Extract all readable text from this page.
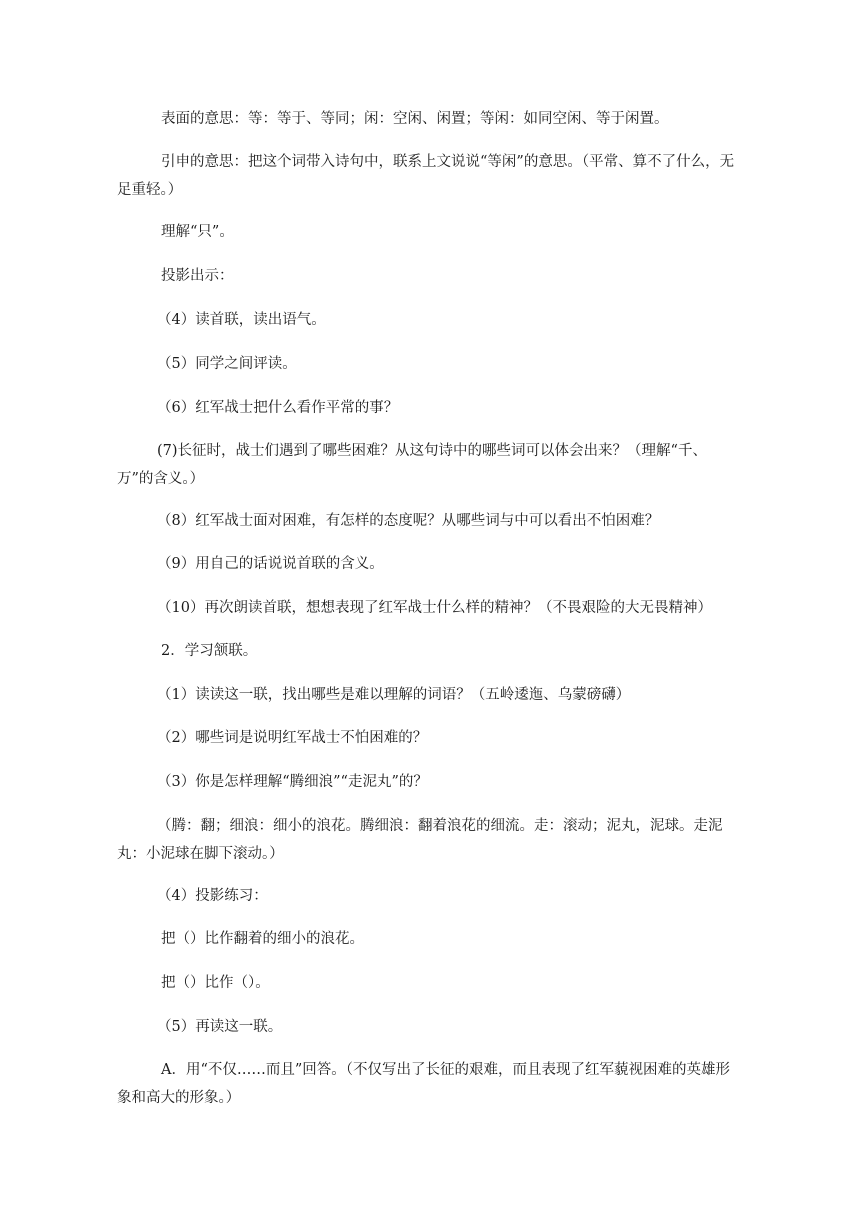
表面的意思：等：等于、等同；闲：空闲、闲置；等闲：如同空闲、等于闲置。

引申的意思：把这个词带入诗句中，联系上文说说“等闲”的意思。（平常、算不了什么，无足重轻。）

理解“只”。

投影出示：

（4）读首联，读出语气。

（5）同学之间评读。

（6）红军战士把什么看作平常的事？

(7)长征时，战士们遇到了哪些困难？从这句诗中的哪些词可以体会出来？（理解“千、万”的含义。）

（8）红军战士面对困难，有怎样的态度呢？从哪些词与中可以看出不怕困难？

（9）用自己的话说说首联的含义。

（10）再次朗读首联，想想表现了红军战士什么样的精神？（不畏艰险的大无畏精神）

2．学习颔联。

（1）读读这一联，找出哪些是难以理解的词语？（五岭逶迤、乌蒙磅礴）

（2）哪些词是说明红军战士不怕困难的？

（3）你是怎样理解“腾细浪”“走泥丸”的？

（腾：翻；细浪：细小的浪花。腾细浪：翻着浪花的细流。走：滚动；泥丸，泥球。走泥丸：小泥球在脚下滚动。）

（4）投影练习：

把（）比作翻着的细小的浪花。

把（）比作（）。

（5）再读这一联。

A．用“不仅……而且”回答。（不仅写出了长征的艰难，而且表现了红军藐视困难的英雄形象和高大的形象。）
